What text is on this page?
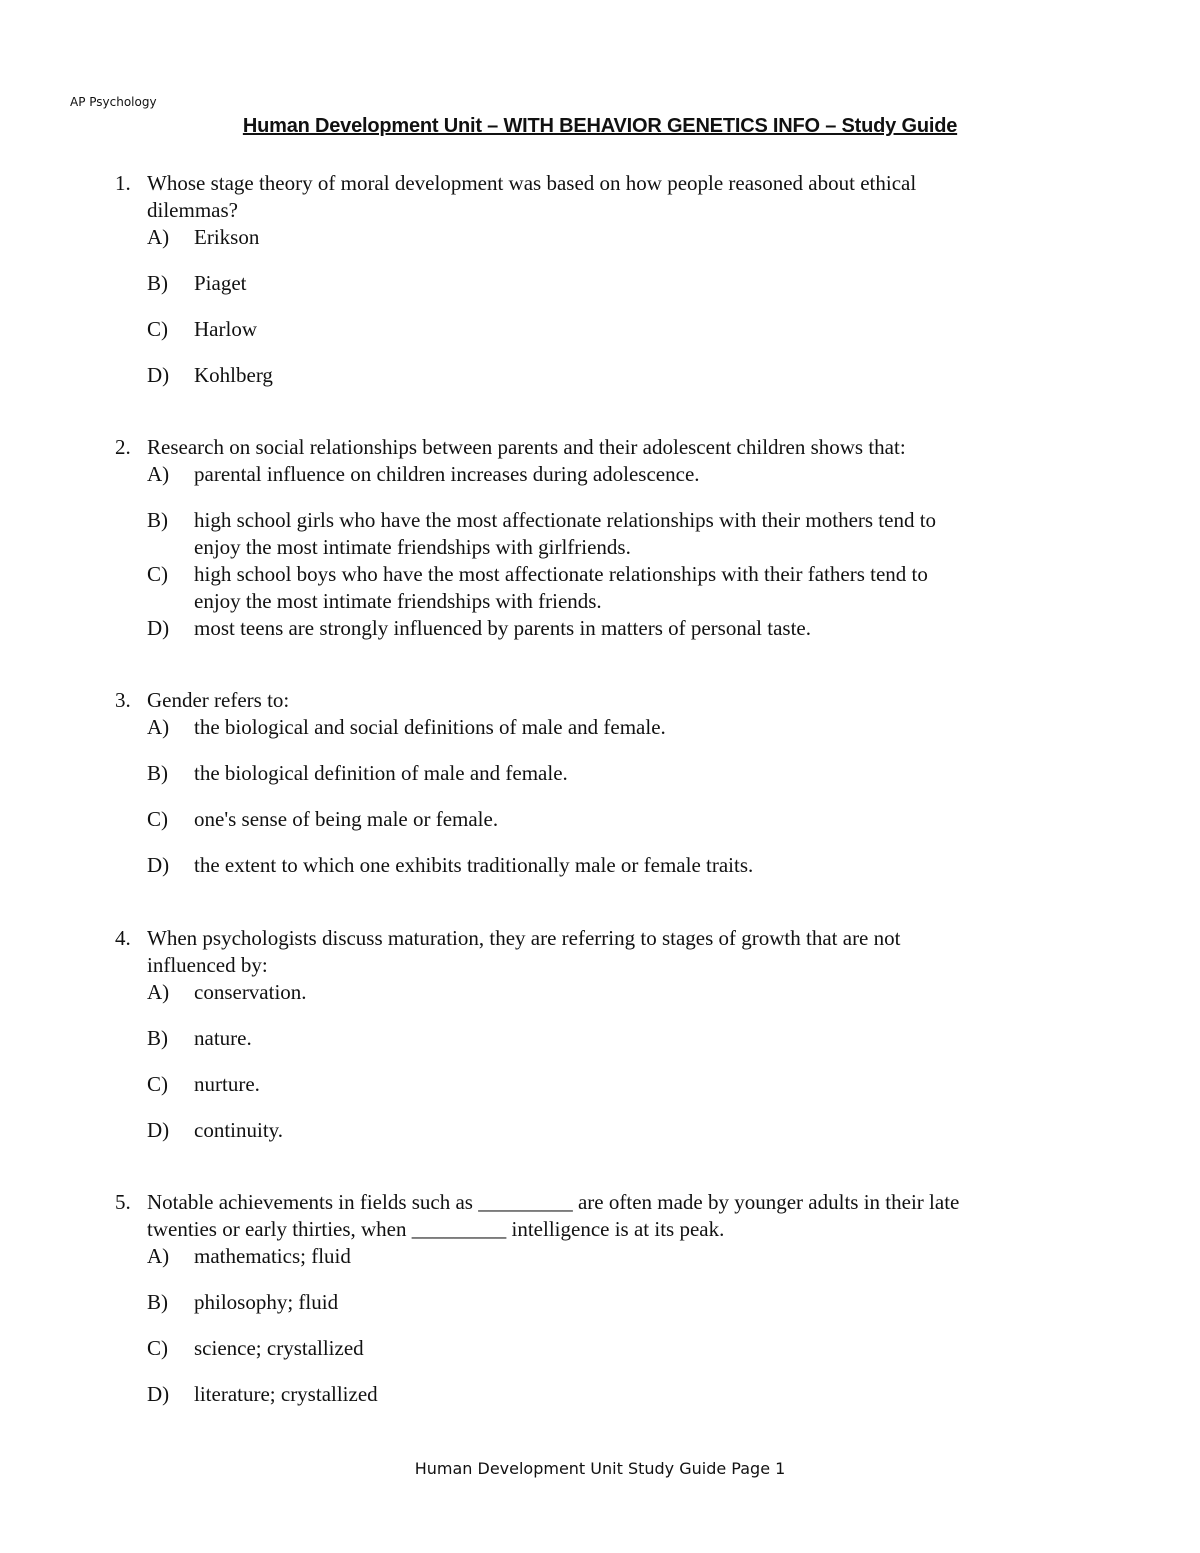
AP Psychology
Human Development Unit – WITH BEHAVIOR GENETICS INFO – Study Guide
1. Whose stage theory of moral development was based on how people reasoned about ethical dilemmas?
A)	Erikson
B)	Piaget
C)	Harlow
D)	Kohlberg
2. Research on social relationships between parents and their adolescent children shows that:
A)	parental influence on children increases during adolescence.
B)	high school girls who have the most affectionate relationships with their mothers tend to enjoy the most intimate friendships with girlfriends.
C)	high school boys who have the most affectionate relationships with their fathers tend to enjoy the most intimate friendships with friends.
D)	most teens are strongly influenced by parents in matters of personal taste.
3. Gender refers to:
A)	the biological and social definitions of male and female.
B)	the biological definition of male and female.
C)	one's sense of being male or female.
D)	the extent to which one exhibits traditionally male or female traits.
4. When psychologists discuss maturation, they are referring to stages of growth that are not influenced by:
A)	conservation.
B)	nature.
C)	nurture.
D)	continuity.
5. Notable achievements in fields such as _________ are often made by younger adults in their late twenties or early thirties, when _________ intelligence is at its peak.
A)	mathematics; fluid
B)	philosophy; fluid
C)	science; crystallized
D)	literature; crystallized
Human Development Unit Study Guide Page 1
